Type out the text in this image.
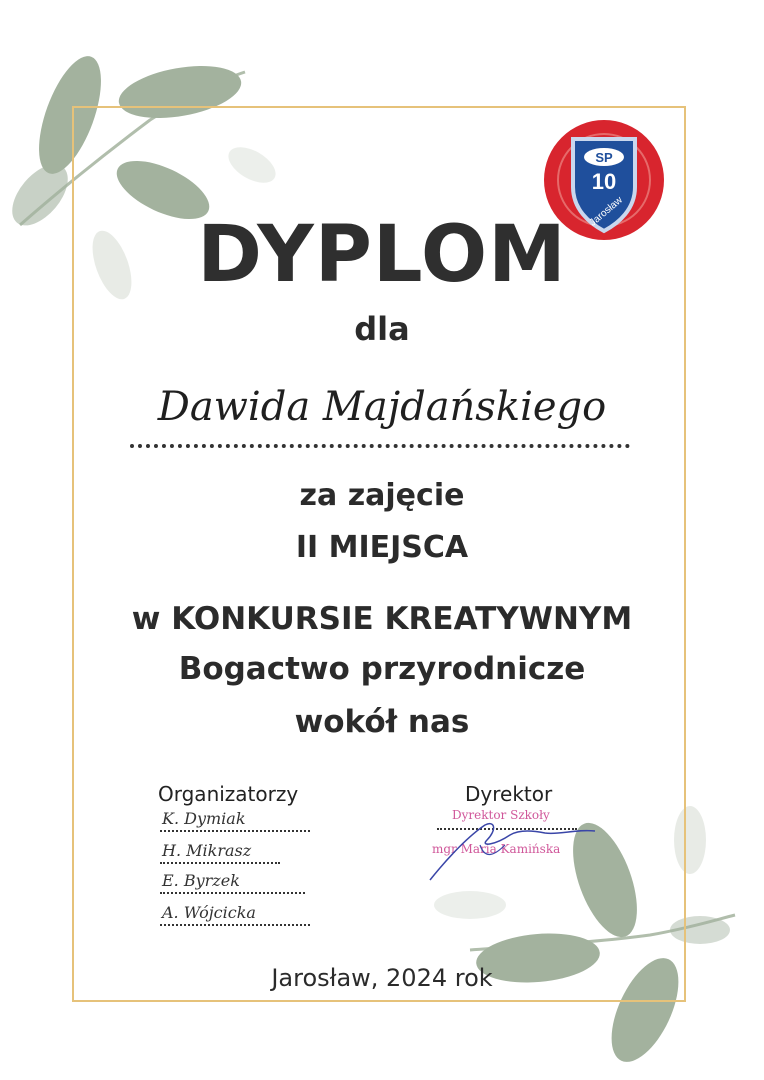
SP
10
Jarosław
DYPLOM
dla
Dawida Majdańskiego
za zajęcie
II MIEJSCA
w KONKURSIE KREATYWNYM
Bogactwo przyrodnicze
wokół nas
Organizatorzy
K. Dymiak
H. Mikrasz
E. Byrzek
A. Wójcicka
Dyrektor
Dyrektor Szkoły
mgr Maria Kamińska
Jarosław, 2024 rok
